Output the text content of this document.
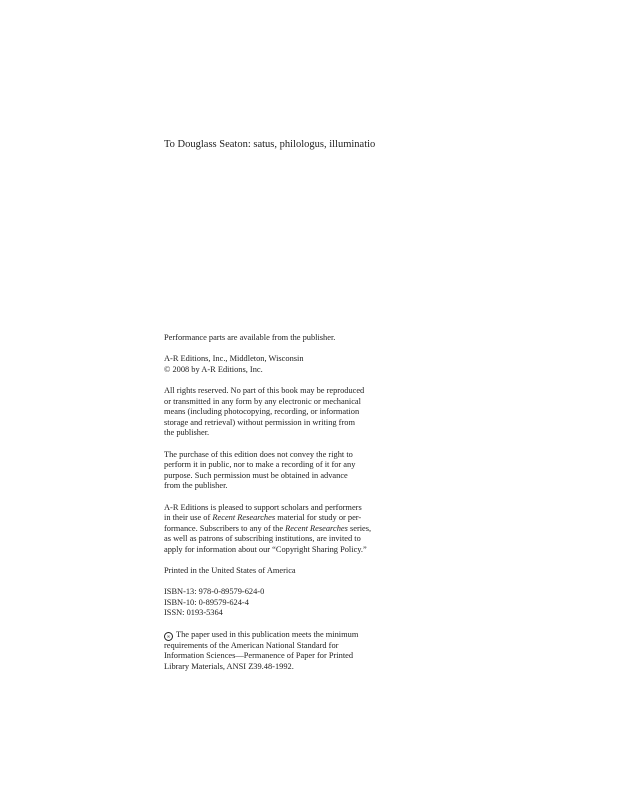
To Douglass Seaton: satus, philologus, illuminatio

Performance parts are available from the publisher.

A-R Editions, Inc., Middleton, Wisconsin
© 2008 by A-R Editions, Inc.

All rights reserved. No part of this book may be reproduced
or transmitted in any form by any electronic or mechanical
means (including photocopying, recording, or information
storage and retrieval) without permission in writing from
the publisher.

The purchase of this edition does not convey the right to
perform it in public, nor to make a recording of it for any
purpose. Such permission must be obtained in advance
from the publisher.

A-R Editions is pleased to support scholars and performers
in their use of Recent Researches material for study or per-
formance. Subscribers to any of the Recent Researches series,
as well as patrons of subscribing institutions, are invited to
apply for information about our “Copyright Sharing Policy.”

Printed in the United States of America

ISBN-13: 978-0-89579-624-0
ISBN-10: 0-89579-624-4
ISSN: 0193-5364

∞ The paper used in this publication meets the minimum
requirements of the American National Standard for
Information Sciences—Permanence of Paper for Printed
Library Materials, ANSI Z39.48-1992.
